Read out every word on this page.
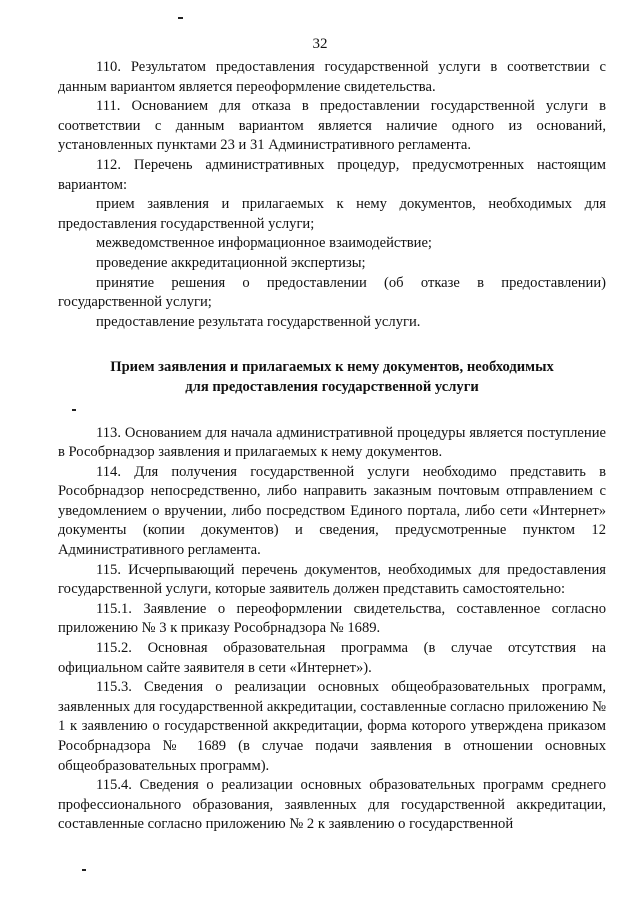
32

110. Результатом предоставления государственной услуги в соответствии с данным вариантом является переоформление свидетельства.

111. Основанием для отказа в предоставлении государственной услуги в соответствии с данным вариантом является наличие одного из оснований, установленных пунктами 23 и 31 Административного регламента.

112. Перечень административных процедур, предусмотренных настоящим вариантом:

прием заявления и прилагаемых к нему документов, необходимых для предоставления государственной услуги;

межведомственное информационное взаимодействие;

проведение аккредитационной экспертизы;

принятие решения о предоставлении (об отказе в предоставлении) государственной услуги;

предоставление результата государственной услуги.

Прием заявления и прилагаемых к нему документов, необходимых
для предоставления государственной услуги

113. Основанием для начала административной процедуры является поступление в Рособрнадзор заявления и прилагаемых к нему документов.

114. Для получения государственной услуги необходимо представить в Рособрнадзор непосредственно, либо направить заказным почтовым отправлением с уведомлением о вручении, либо посредством Единого портала, либо сети «Интернет» документы (копии документов) и сведения, предусмотренные пунктом 12 Административного регламента.

115. Исчерпывающий перечень документов, необходимых для предоставления государственной услуги, которые заявитель должен представить самостоятельно:

115.1. Заявление о переоформлении свидетельства, составленное согласно приложению № 3 к приказу Рособрнадзора № 1689.

115.2. Основная образовательная программа (в случае отсутствия на официальном сайте заявителя в сети «Интернет»).

115.3. Сведения о реализации основных общеобразовательных программ, заявленных для государственной аккредитации, составленные согласно приложению № 1 к заявлению о государственной аккредитации, форма которого утверждена приказом Рособрнадзора № 1689 (в случае подачи заявления в отношении основных общеобразовательных программ).

115.4. Сведения о реализации основных образовательных программ среднего профессионального образования, заявленных для государственной аккредитации, составленные согласно приложению № 2 к заявлению о государственной
